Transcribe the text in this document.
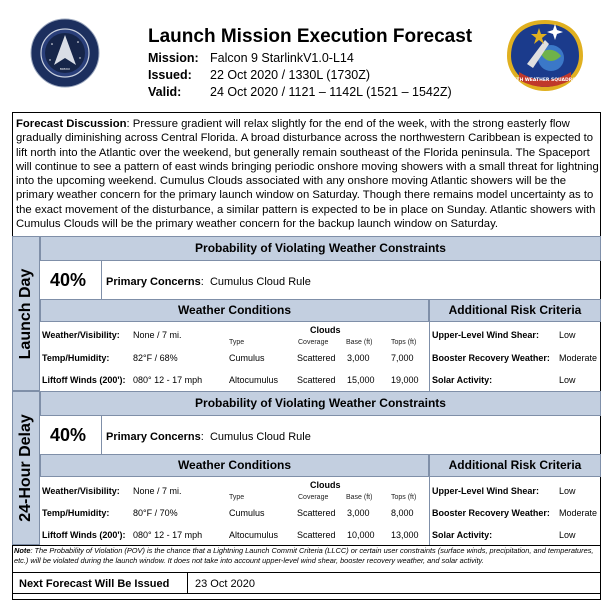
MMXIX
Launch Mission Execution Forecast
Mission: Falcon 9 StarlinkV1.0-L14
Issued: 22 Oct 2020 / 1330L (1730Z)
Valid: 24 Oct 2020 / 1121 – 1142L (1521 – 1542Z)
45TH WEATHER SQUADRON
Forecast Discussion: Pressure gradient will relax slightly for the end of the week, with the strong easterly flow gradually diminishing across Central Florida. A broad disturbance across the northwestern Caribbean is expected to lift north into the Atlantic over the weekend, but generally remain southeast of the Florida peninsula. The Spaceport will continue to see a pattern of east winds bringing periodic onshore moving showers with a small threat for lightning into the upcoming weekend. Cumulus Clouds associated with any onshore moving Atlantic showers will be the primary weather concern for the primary launch window on Saturday. Though there remains model uncertainty as to the exact movement of the disturbance, a similar pattern is expected to be in place on Sunday. Atlantic showers with Cumulus Clouds will be the primary weather concern for the backup launch window on Saturday.
Launch Day
Probability of Violating Weather Constraints
40% Primary Concerns:  Cumulus Cloud Rule
Weather Conditions	Additional Risk Criteria
Weather/Visibility: None / 7 mi.
Temp/Humidity:	82°F / 68%
Liftoff Winds (200'): 080° 12 - 17 mph
Clouds
Type	Coverage	Base (ft)	Tops (ft)
Cumulus	Scattered 3,000 7,000
Altocumulus Scattered 15,000 19,000
Upper-Level Wind Shear: Low
Booster Recovery Weather: Moderate
Solar Activity:	Low
24-Hour Delay
Probability of Violating Weather Constraints
40% Primary Concerns:  Cumulus Cloud Rule
Weather Conditions	Additional Risk Criteria
Weather/Visibility: None / 7 mi.
Temp/Humidity:	80°F / 70%
Liftoff Winds (200'): 080° 12 - 17 mph
Clouds
Type	Coverage	Base (ft)	Tops (ft)
Cumulus	Scattered 3,000 8,000
Altocumulus Scattered 10,000 13,000
Upper-Level Wind Shear: Low
Booster Recovery Weather: Moderate
Solar Activity:	Low
Note: The Probability of Violation (POV) is the chance that a Lightning Launch Commit Criteria (LLCC) or certain user constraints (surface winds, precipitation, and temperatures, etc.) will be violated during the launch window. It does not take into account upper-level wind shear, booster recovery weather, and solar activity.
Next Forecast Will Be Issued 23 Oct 2020
